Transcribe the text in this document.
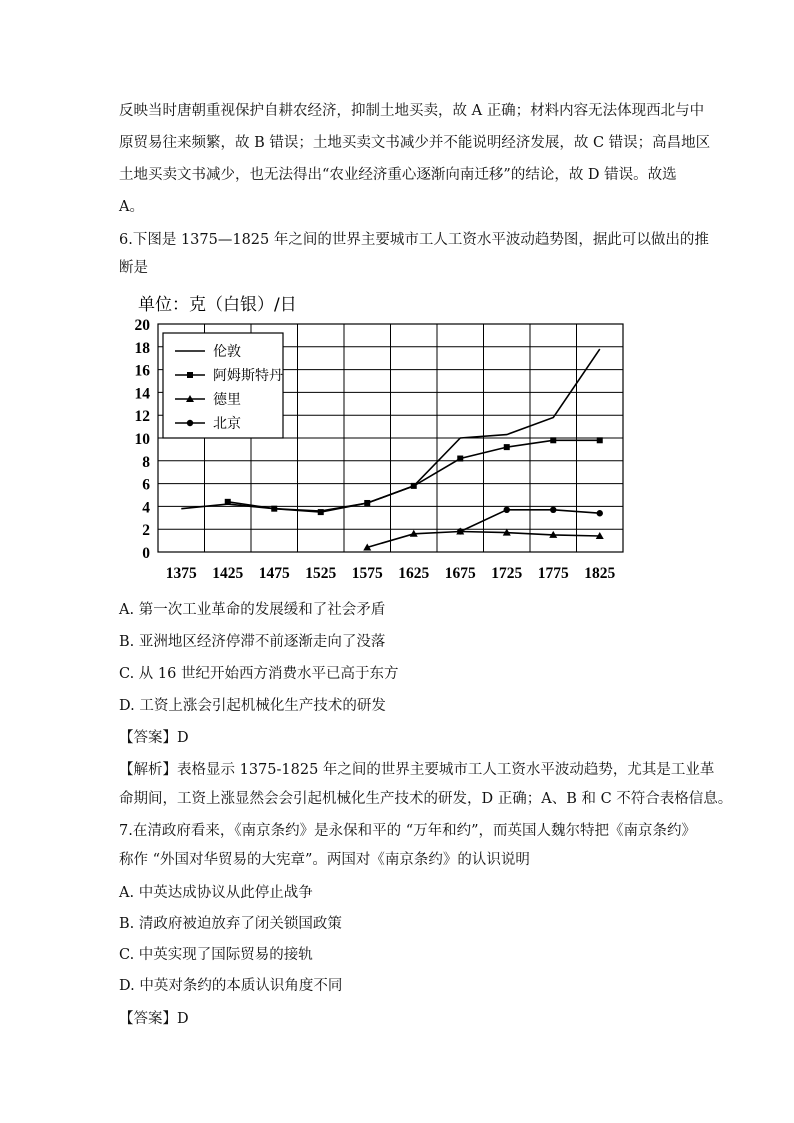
反映当时唐朝重视保护自耕农经济，抑制土地买卖，故 A 正确；材料内容无法体现西北与中
原贸易往来频繁，故 B 错误；土地买卖文书减少并不能说明经济发展，故 C 错误；高昌地区
土地买卖文书减少，也无法得出“农业经济重心逐渐向南迁移”的结论，故 D 错误。故选
A。
6.下图是 1375—1825 年之间的世界主要城市工人工资水平波动趋势图，据此可以做出的推
断是
单位：克（白银）/日
0
2
4
6
8
10
12
14
16
18
20
1375 1425 1475 1525 1575 1625 1675 1725 1775 1825
伦敦
阿姆斯特丹
德里
北京
A. 第一次工业革命的发展缓和了社会矛盾
B. 亚洲地区经济停滞不前逐渐走向了没落
C. 从 16 世纪开始西方消费水平已高于东方
D. 工资上涨会引起机械化生产技术的研发
【答案】D
【解析】表格显示 1375-1825 年之间的世界主要城市工人工资水平波动趋势，尤其是工业革
命期间，工资上涨显然会会引起机械化生产技术的研发，D 正确；A、B 和 C 不符合表格信息。
7.在清政府看来，《南京条约》是永保和平的 “万年和约”，而英国人魏尔特把《南京条约》
称作 “外国对华贸易的大宪章”。两国对《南京条约》的认识说明
A. 中英达成协议从此停止战争
B. 清政府被迫放弃了闭关锁国政策
C. 中英实现了国际贸易的接轨
D. 中英对条约的本质认识角度不同
【答案】D
